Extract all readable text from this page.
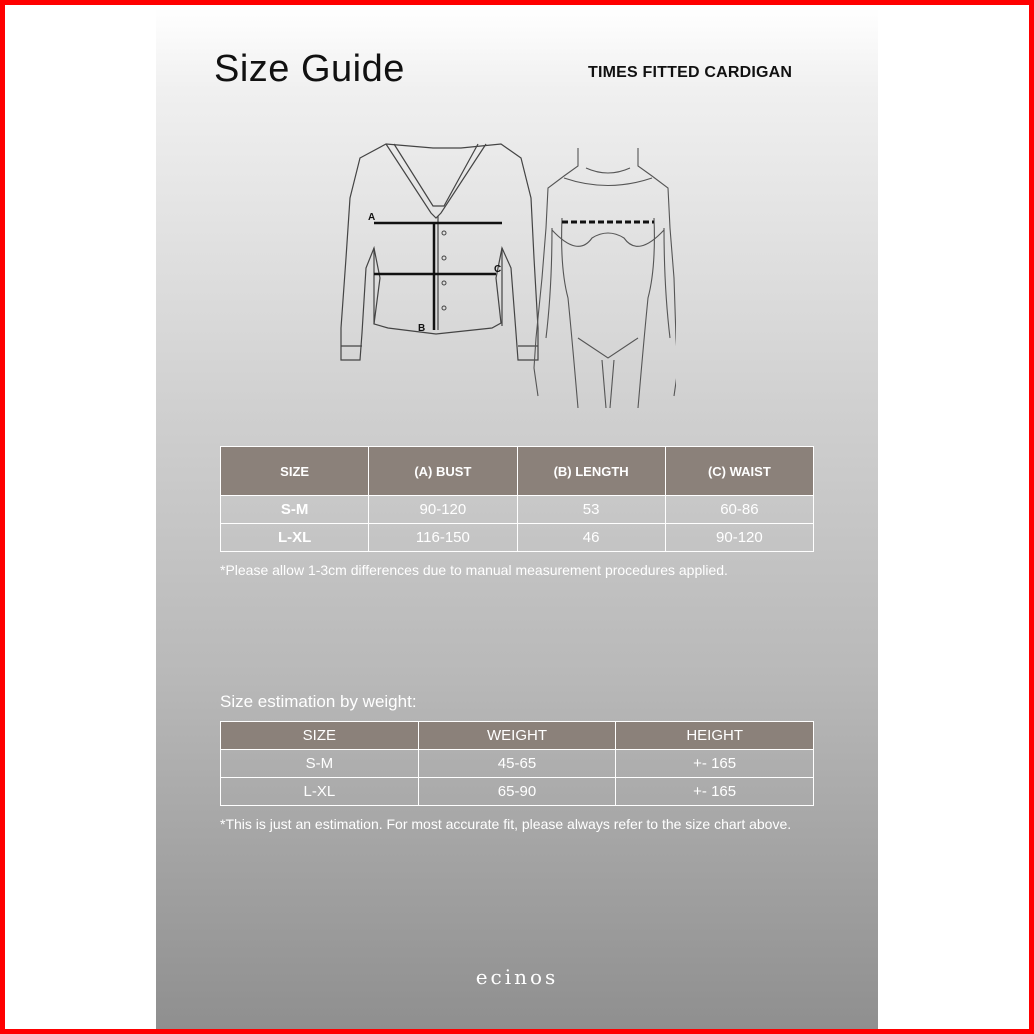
Size Guide	TIMES FITTED CARDIGAN

A
B
C
SIZE	(A) BUST	(B) LENGTH	(C) WAIST
S-M	90-120	53	60-86
L-XL	116-150	46	90-120

*Please allow 1-3cm differences due to manual measurement procedures applied.

Size estimation by weight:

SIZE	WEIGHT	HEIGHT
S-M	45-65	+- 165
L-XL	65-90	+- 165

*This is just an estimation. For most accurate fit, please always refer to the size chart above.

ecinos
